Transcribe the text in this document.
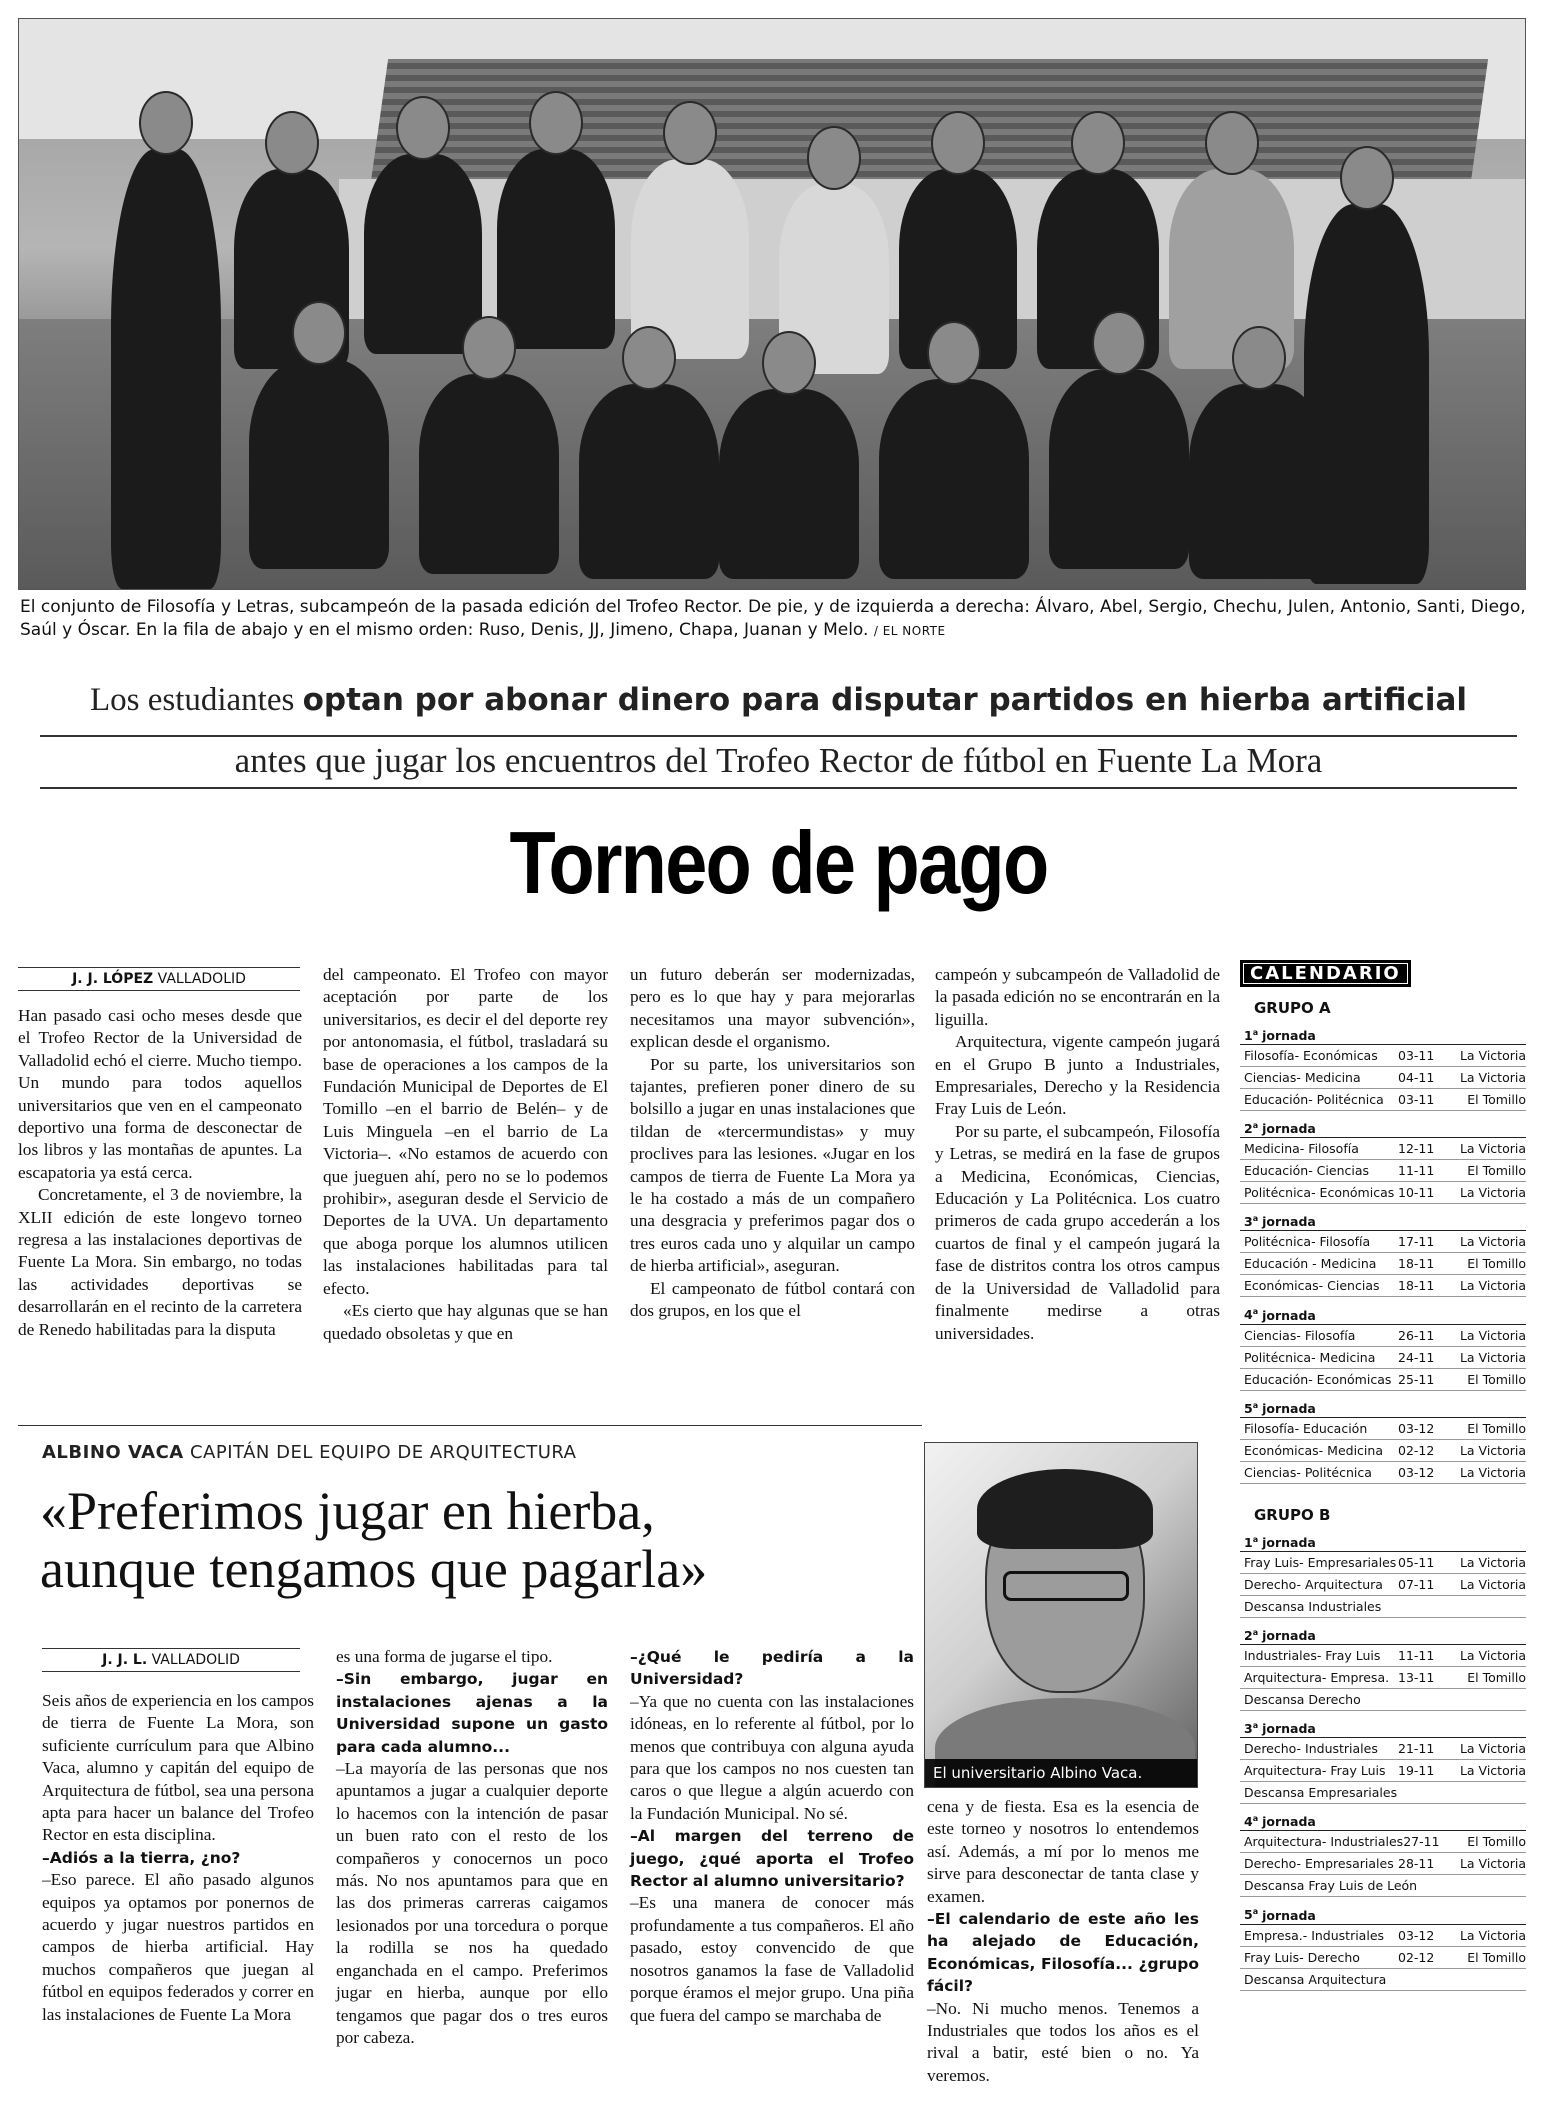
El conjunto de Filosofía y Letras, subcampeón de la pasada edición del Trofeo Rector. De pie, y de izquierda a derecha: Álvaro, Abel, Sergio, Chechu, Julen, Antonio, Santi, Diego, Saúl y Óscar. En la fila de abajo y en el mismo orden: Ruso, Denis, JJ, Jimeno, Chapa, Juanan y Melo. / EL NORTE
Los estudiantes optan por abonar dinero para disputar partidos en hierba artificial
antes que jugar los encuentros del Trofeo Rector de fútbol en Fuente La Mora
Torneo de pago
J. J. LÓPEZ VALLADOLID

Han pasado casi ocho meses desde que el Trofeo Rector de la Universidad de Valladolid echó el cierre. Mucho tiempo. Un mundo para todos aquellos universitarios que ven en el campeonato deportivo una forma de desconectar de los libros y las montañas de apuntes. La escapatoria ya está cerca.

Concretamente, el 3 de noviembre, la XLII edición de este longevo torneo regresa a las instalaciones deportivas de Fuente La Mora. Sin embargo, no todas las actividades deportivas se desarrollarán en el recinto de la carretera de Renedo habilitadas para la disputa

del campeonato. El Trofeo con mayor aceptación por parte de los universitarios, es decir el del deporte rey por antonomasia, el fútbol, trasladará su base de operaciones a los campos de la Fundación Municipal de Deportes de El Tomillo –en el barrio de Belén– y de Luis Minguela –en el barrio de La Victoria–. «No estamos de acuerdo con que jueguen ahí, pero no se lo podemos prohibir», aseguran desde el Servicio de Deportes de la UVA. Un departamento que aboga porque los alumnos utilicen las instalaciones habilitadas para tal efecto.

«Es cierto que hay algunas que se han quedado obsoletas y que en

un futuro deberán ser modernizadas, pero es lo que hay y para mejorarlas necesitamos una mayor subvención», explican desde el organismo.

Por su parte, los universitarios son tajantes, prefieren poner dinero de su bolsillo a jugar en unas instalaciones que tildan de «tercermundistas» y muy proclives para las lesiones. «Jugar en los campos de tierra de Fuente La Mora ya le ha costado a más de un compañero una desgracia y preferimos pagar dos o tres euros cada uno y alquilar un campo de hierba artificial», aseguran.

El campeonato de fútbol contará con dos grupos, en los que el

campeón y subcampeón de Valladolid de la pasada edición no se encontrarán en la liguilla.

Arquitectura, vigente campeón jugará en el Grupo B junto a Industriales, Empresariales, Derecho y la Residencia Fray Luis de León.

Por su parte, el subcampeón, Filosofía y Letras, se medirá en la fase de grupos a Medicina, Económicas, Ciencias, Educación y La Politécnica. Los cuatro primeros de cada grupo accederán a los cuartos de final y el campeón jugará la fase de distritos contra los otros campus de la Universidad de Valladolid para finalmente medirse a otras universidades.

ALBINO VACA CAPITÁN DEL EQUIPO DE ARQUITECTURA
«Preferimos jugar en hierba,
aunque tengamos que pagarla»
El universitario Albino Vaca.
J. J. L. VALLADOLID

Seis años de experiencia en los campos de tierra de Fuente La Mora, son suficiente currículum para que Albino Vaca, alumno y capitán del equipo de Arquitectura de fútbol, sea una persona apta para hacer un balance del Trofeo Rector en esta disciplina.

–Adiós a la tierra, ¿no?

–Eso parece. El año pasado algunos equipos ya optamos por ponernos de acuerdo y jugar nuestros partidos en campos de hierba artificial. Hay muchos compañeros que juegan al fútbol en equipos federados y correr en las instalaciones de Fuente La Mora

es una forma de jugarse el tipo.

–Sin embargo, jugar en instalaciones ajenas a la Universidad supone un gasto para cada alumno...

–La mayoría de las personas que nos apuntamos a jugar a cualquier deporte lo hacemos con la intención de pasar un buen rato con el resto de los compañeros y conocernos un poco más. No nos apuntamos para que en las dos primeras carreras caigamos lesionados por una torcedura o porque la rodilla se nos ha quedado enganchada en el campo. Preferimos jugar en hierba, aunque por ello tengamos que pagar dos o tres euros por cabeza.

–¿Qué le pediría a la Universidad?

–Ya que no cuenta con las instalaciones idóneas, en lo referente al fútbol, por lo menos que contribuya con alguna ayuda para que los campos no nos cuesten tan caros o que llegue a algún acuerdo con la Fundación Municipal. No sé.

–Al margen del terreno de juego, ¿qué aporta el Trofeo Rector al alumno universitario?

–Es una manera de conocer más profundamente a tus compañeros. El año pasado, estoy convencido de que nosotros ganamos la fase de Valladolid porque éramos el mejor grupo. Una piña que fuera del campo se marchaba de

cena y de fiesta. Esa es la esencia de este torneo y nosotros lo entendemos así. Además, a mí por lo menos me sirve para desconectar de tanta clase y examen.

–El calendario de este año les ha alejado de Educación, Económicas, Filosofía... ¿grupo fácil?

–No. Ni mucho menos. Tenemos a Industriales que todos los años es el rival a batir, esté bien o no. Ya veremos.

CALENDARIO
GRUPO A
1$^a$ jornada
Filosofía- Económicas	03-11	La Victoria
Ciencias- Medicina	04-11	La Victoria
Educación- Politécnica	03-11	El Tomillo
2$^a$ jornada
Medicina- Filosofía	12-11	La Victoria
Educación- Ciencias	11-11	El Tomillo
Politécnica- Económicas 10-11	La Victoria
3$^a$ jornada
Politécnica- Filosofía	17-11	La Victoria
Educación - Medicina	18-11	El Tomillo
Económicas- Ciencias	18-11	La Victoria
4$^a$ jornada
Ciencias- Filosofía	26-11	La Victoria
Politécnica- Medicina	24-11	La Victoria
Educación- Económicas 25-11	El Tomillo
5$^a$ jornada
Filosofía- Educación	03-12	El Tomillo
Económicas- Medicina	02-12	La Victoria
Ciencias- Politécnica	03-12	La Victoria
GRUPO B
1$^a$ jornada
Fray Luis- Empresariales 05-11	La Victoria
Derecho- Arquitectura	07-11	La Victoria
Descansa Industriales
2$^a$ jornada
Industriales- Fray Luis	11-11	La Victoria
Arquitectura- Empresa. 13-11	El Tomillo
Descansa Derecho
3$^a$ jornada
Derecho- Industriales	21-11	La Victoria
Arquitectura- Fray Luis	19-11	La Victoria
Descansa Empresariales
4$^a$ jornada
Arquitectura- Industriales 27-11	El Tomillo
Derecho- Empresariales 28-11	La Victoria
Descansa Fray Luis de León
5$^a$ jornada
Empresa.- Industriales	03-12	La Victoria
Fray Luis- Derecho	02-12	El Tomillo
Descansa Arquitectura
